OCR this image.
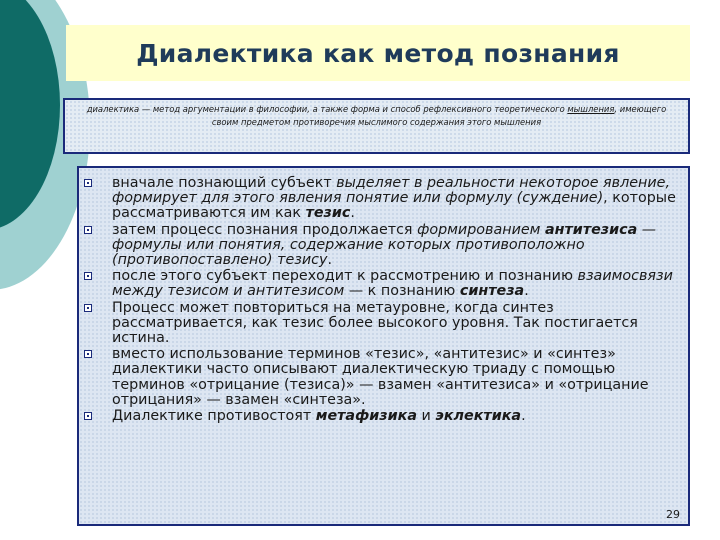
Диалектика как метод познания
диалектика — метод аргументации в философии, а также форма и способ рефлексивного теоретического мышления, имеющего своим предметом противоречия мыслимого содержания этого мышления
вначале познающий субъект выделяет в реальности некоторое явление, формирует для этого явления понятие или формулу (суждение), которые рассматриваются им как тезис.
затем процесс познания продолжается формированием антитезиса — формулы или понятия, содержание которых противоположно (противопоставлено) тезису.
после этого субъект переходит к рассмотрению и познанию взаимосвязи между тезисом и антитезисом — к познанию синтеза.
Процесс может повториться на метауровне, когда синтез рассматривается, как тезис более высокого уровня. Так постигается истина.
вместо использование терминов «тезис», «антитезис» и «синтез» диалектики часто описывают диалектическую триаду с помощью терминов «отрицание (тезиса)» — взамен «антитезиса» и «отрицание отрицания» — взамен «синтеза».
Диалектике противостоят метафизика и эклектика.
29
